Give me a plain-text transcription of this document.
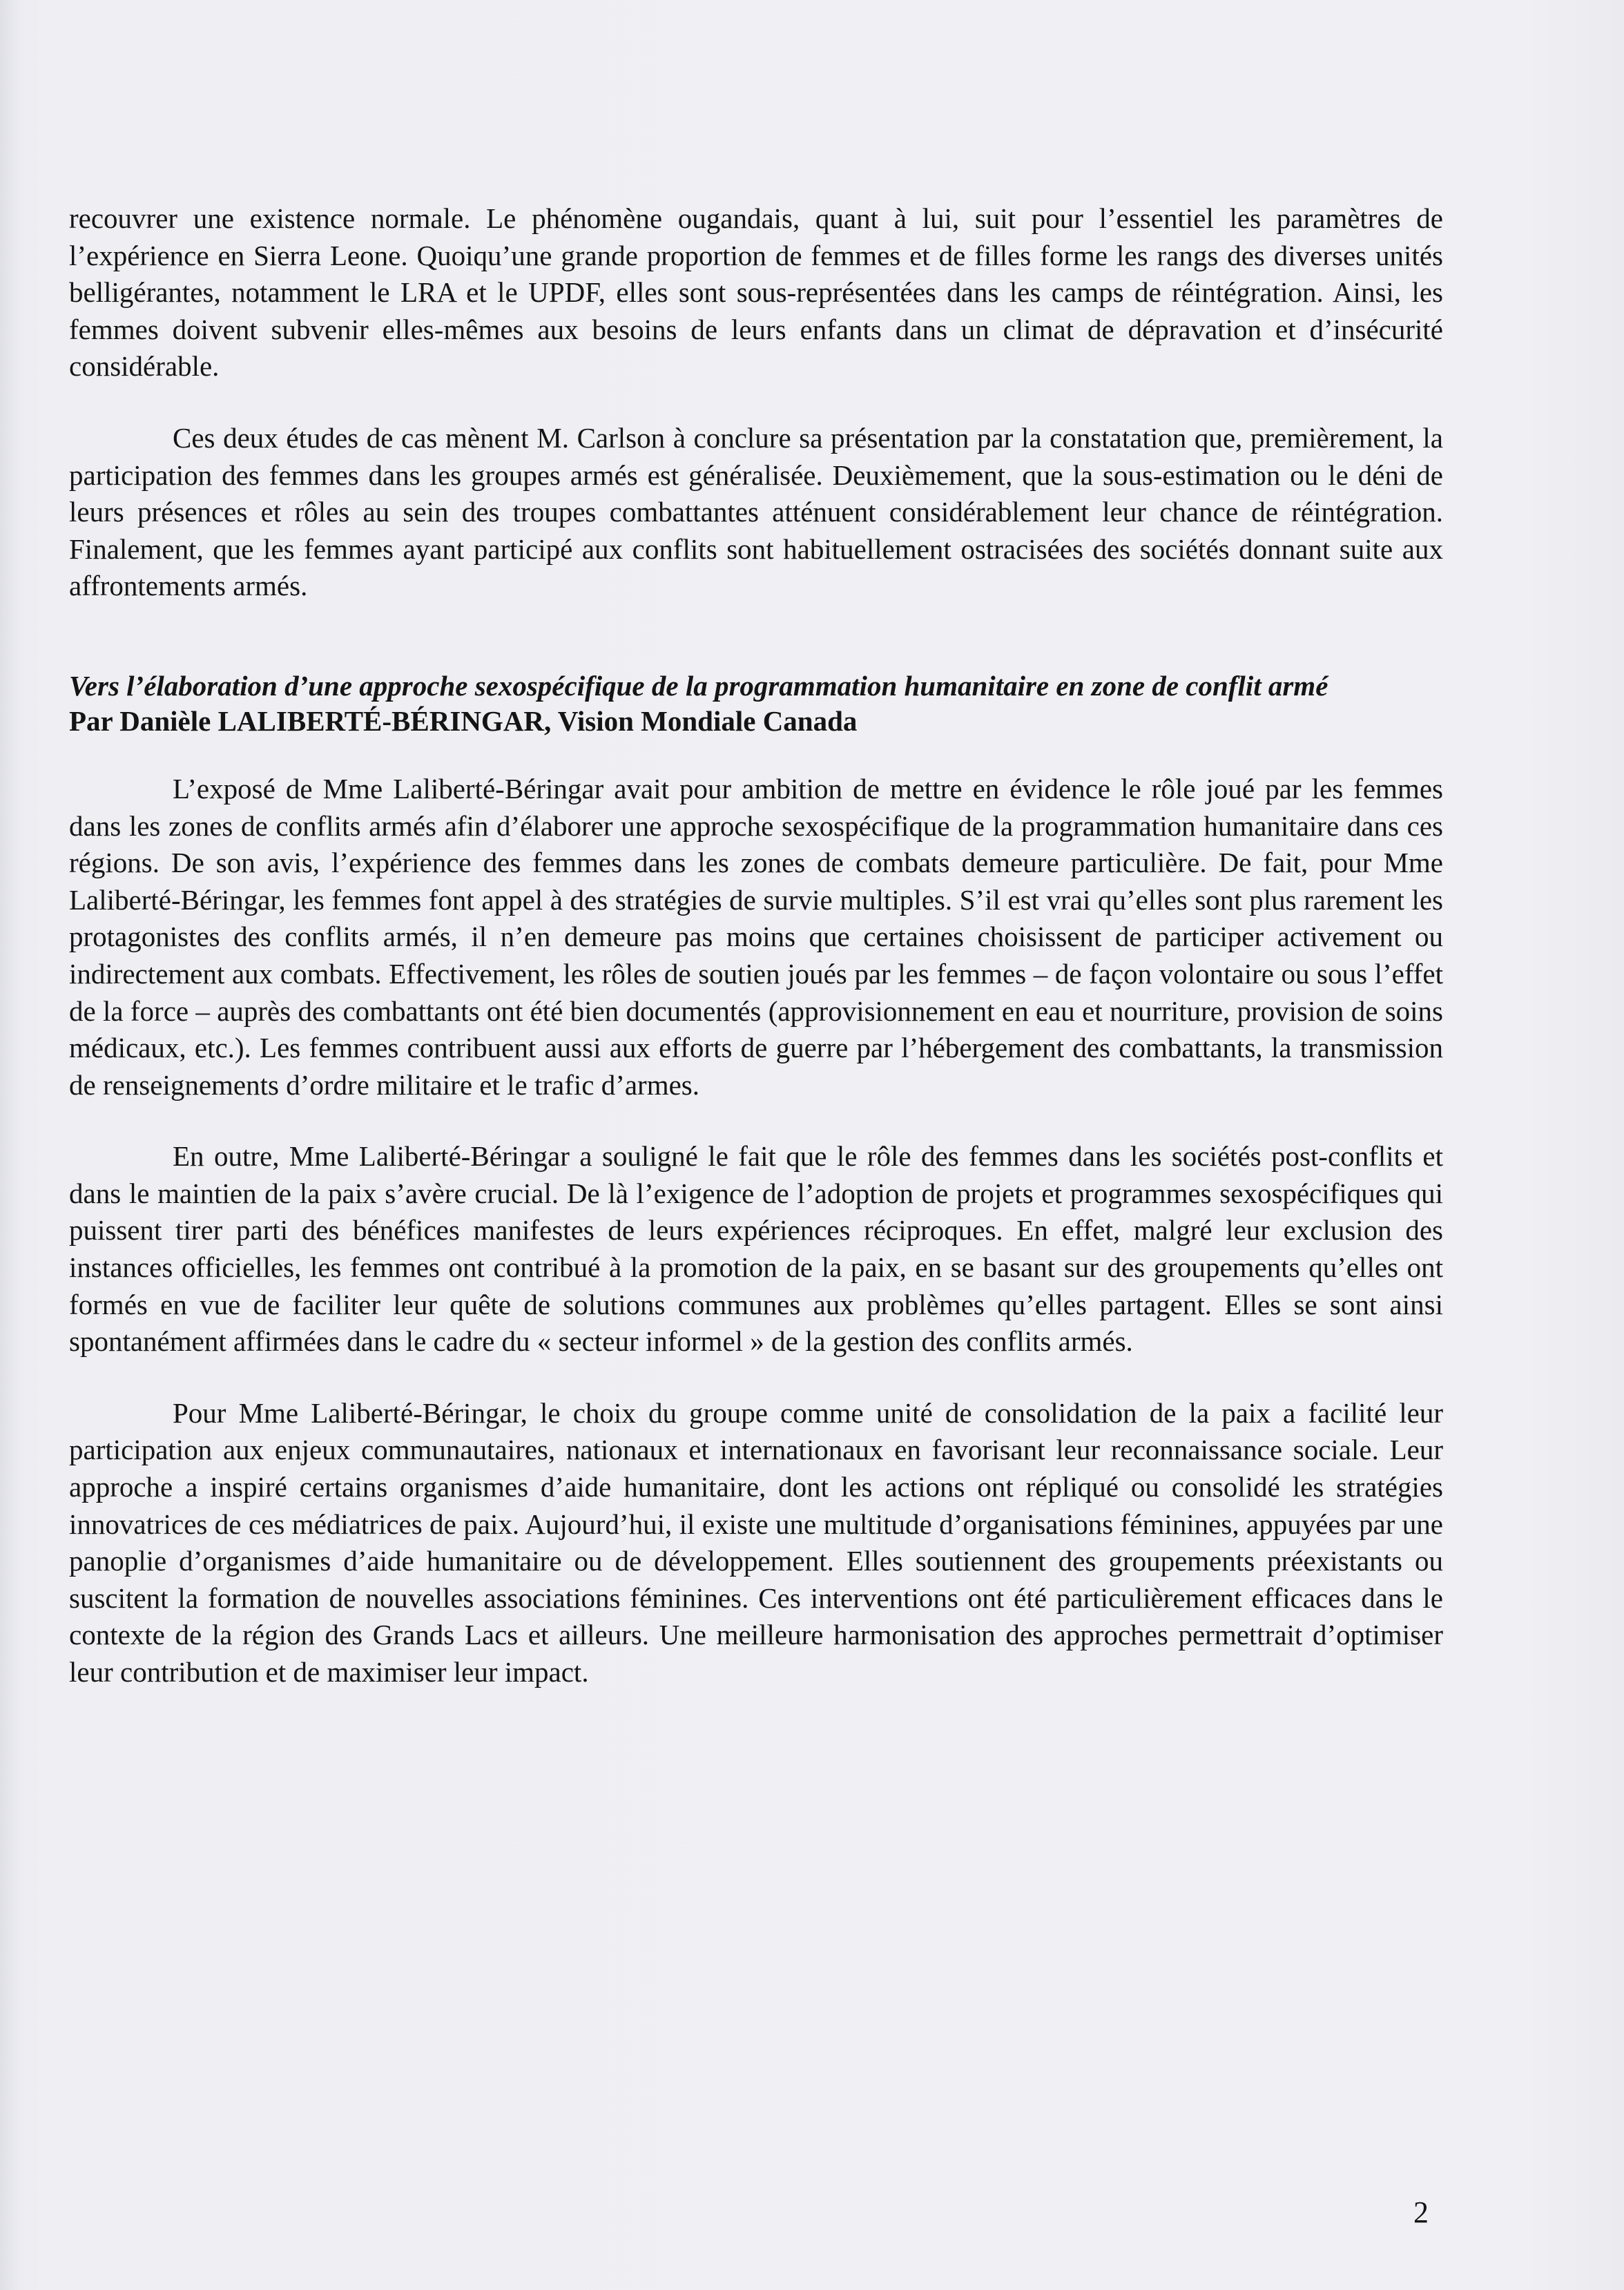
recouvrer une existence normale. Le phénomène ougandais, quant à lui, suit pour l’essentiel les paramètres de l’expérience en Sierra Leone. Quoiqu’une grande proportion de femmes et de filles forme les rangs des diverses unités belligérantes, notamment le LRA et le UPDF, elles sont sous-représentées dans les camps de réintégration. Ainsi, les femmes doivent subvenir elles-mêmes aux besoins de leurs enfants dans un climat de dépravation et d’insécurité considérable.

Ces deux études de cas mènent M. Carlson à conclure sa présentation par la constatation que, premièrement, la participation des femmes dans les groupes armés est généralisée. Deuxièmement, que la sous-estimation ou le déni de leurs présences et rôles au sein des troupes combattantes atténuent considérablement leur chance de réintégration. Finalement, que les femmes ayant participé aux conflits sont habituellement ostracisées des sociétés donnant suite aux affrontements armés.

Vers l’élaboration d’une approche sexospécifique de la programmation humanitaire en zone de conflit armé

Par Danièle LALIBERTÉ-BÉRINGAR, Vision Mondiale Canada

L’exposé de Mme Laliberté-Béringar avait pour ambition de mettre en évidence le rôle joué par les femmes dans les zones de conflits armés afin d’élaborer une approche sexospécifique de la programmation humanitaire dans ces régions. De son avis, l’expérience des femmes dans les zones de combats demeure particulière. De fait, pour Mme Laliberté-Béringar, les femmes font appel à des stratégies de survie multiples. S’il est vrai qu’elles sont plus rarement les protagonistes des conflits armés, il n’en demeure pas moins que certaines choisissent de participer activement ou indirectement aux combats. Effectivement, les rôles de soutien joués par les femmes – de façon volontaire ou sous l’effet de la force – auprès des combattants ont été bien documentés (approvisionnement en eau et nourriture, provision de soins médicaux, etc.). Les femmes contribuent aussi aux efforts de guerre par l’hébergement des combattants, la transmission de renseignements d’ordre militaire et le trafic d’armes.

En outre, Mme Laliberté-Béringar a souligné le fait que le rôle des femmes dans les sociétés post-conflits et dans le maintien de la paix s’avère crucial. De là l’exigence de l’adoption de projets et programmes sexospécifiques qui puissent tirer parti des bénéfices manifestes de leurs expériences réciproques. En effet, malgré leur exclusion des instances officielles, les femmes ont contribué à la promotion de la paix, en se basant sur des groupements qu’elles ont formés en vue de faciliter leur quête de solutions communes aux problèmes qu’elles partagent. Elles se sont ainsi spontanément affirmées dans le cadre du « secteur informel » de la gestion des conflits armés.

Pour Mme Laliberté-Béringar, le choix du groupe comme unité de consolidation de la paix a facilité leur participation aux enjeux communautaires, nationaux et internationaux en favorisant leur reconnaissance sociale. Leur approche a inspiré certains organismes d’aide humanitaire, dont les actions ont répliqué ou consolidé les stratégies innovatrices de ces médiatrices de paix. Aujourd’hui, il existe une multitude d’organisations féminines, appuyées par une panoplie d’organismes d’aide humanitaire ou de développement. Elles soutiennent des groupements préexistants ou suscitent la formation de nouvelles associations féminines. Ces interventions ont été particulièrement efficaces dans le contexte de la région des Grands Lacs et ailleurs. Une meilleure harmonisation des approches permettrait d’optimiser leur contribution et de maximiser leur impact.

2
